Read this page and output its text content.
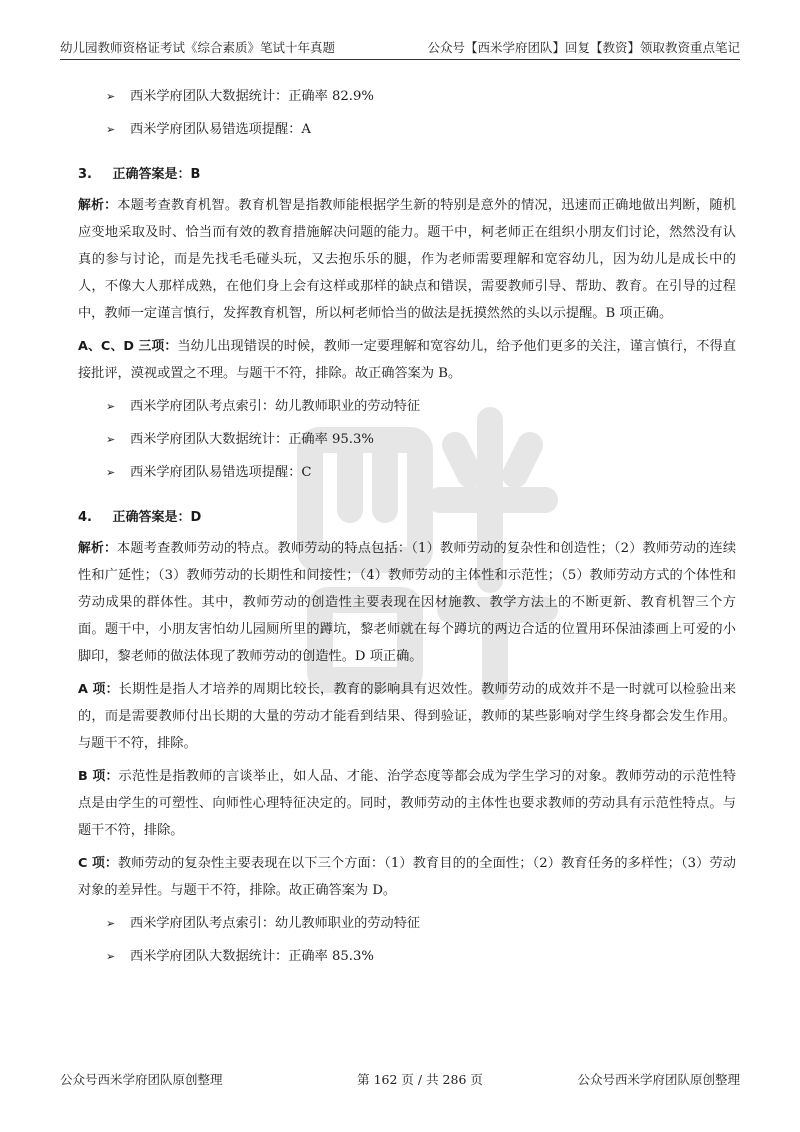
幼儿园教师资格证考试《综合素质》笔试十年真题	公众号【西米学府团队】回复【教资】领取教资重点笔记
➢ 西米学府团队大数据统计：正确率 82.9%
➢ 西米学府团队易错选项提醒：A
3. 正确答案是：B

解析：本题考查教育机智。教育机智是指教师能根据学生新的特别是意外的情况，迅速而正确地做出判断，随机应变地采取及时、恰当而有效的教育措施解决问题的能力。题干中，柯老师正在组织小朋友们讨论，然然没有认真的参与讨论，而是先找毛毛碰头玩，又去抱乐乐的腿，作为老师需要理解和宽容幼儿，因为幼儿是成长中的人，不像大人那样成熟，在他们身上会有这样或那样的缺点和错误，需要教师引导、帮助、教育。在引导的过程中，教师一定谨言慎行，发挥教育机智，所以柯老师恰当的做法是抚摸然然的头以示提醒。B 项正确。

A、C、D 三项：当幼儿出现错误的时候，教师一定要理解和宽容幼儿，给予他们更多的关注，谨言慎行，不得直接批评，漠视或置之不理。与题干不符，排除。故正确答案为 B。

➢ 西米学府团队考点索引：幼儿教师职业的劳动特征
➢ 西米学府团队大数据统计：正确率 95.3%
➢ 西米学府团队易错选项提醒：C
4. 正确答案是：D

解析：本题考查教师劳动的特点。教师劳动的特点包括：（1）教师劳动的复杂性和创造性；（2）教师劳动的连续性和广延性；（3）教师劳动的长期性和间接性；（4）教师劳动的主体性和示范性；（5）教师劳动方式的个体性和劳动成果的群体性。其中，教师劳动的创造性主要表现在因材施教、教学方法上的不断更新、教育机智三个方面。题干中，小朋友害怕幼儿园厕所里的蹲坑，黎老师就在每个蹲坑的两边合适的位置用环保油漆画上可爱的小脚印，黎老师的做法体现了教师劳动的创造性。D 项正确。

A 项：长期性是指人才培养的周期比较长，教育的影响具有迟效性。教师劳动的成效并不是一时就可以检验出来的，而是需要教师付出长期的大量的劳动才能看到结果、得到验证，教师的某些影响对学生终身都会发生作用。与题干不符，排除。

B 项：示范性是指教师的言谈举止，如人品、才能、治学态度等都会成为学生学习的对象。教师劳动的示范性特点是由学生的可塑性、向师性心理特征决定的。同时，教师劳动的主体性也要求教师的劳动具有示范性特点。与题干不符，排除。

C 项：教师劳动的复杂性主要表现在以下三个方面：（1）教育目的的全面性；（2）教育任务的多样性；（3）劳动对象的差异性。与题干不符，排除。故正确答案为 D。

➢ 西米学府团队考点索引：幼儿教师职业的劳动特征
➢ 西米学府团队大数据统计：正确率 85.3%
公众号西米学府团队原创整理	第 162 页 / 共 286 页	公众号西米学府团队原创整理
